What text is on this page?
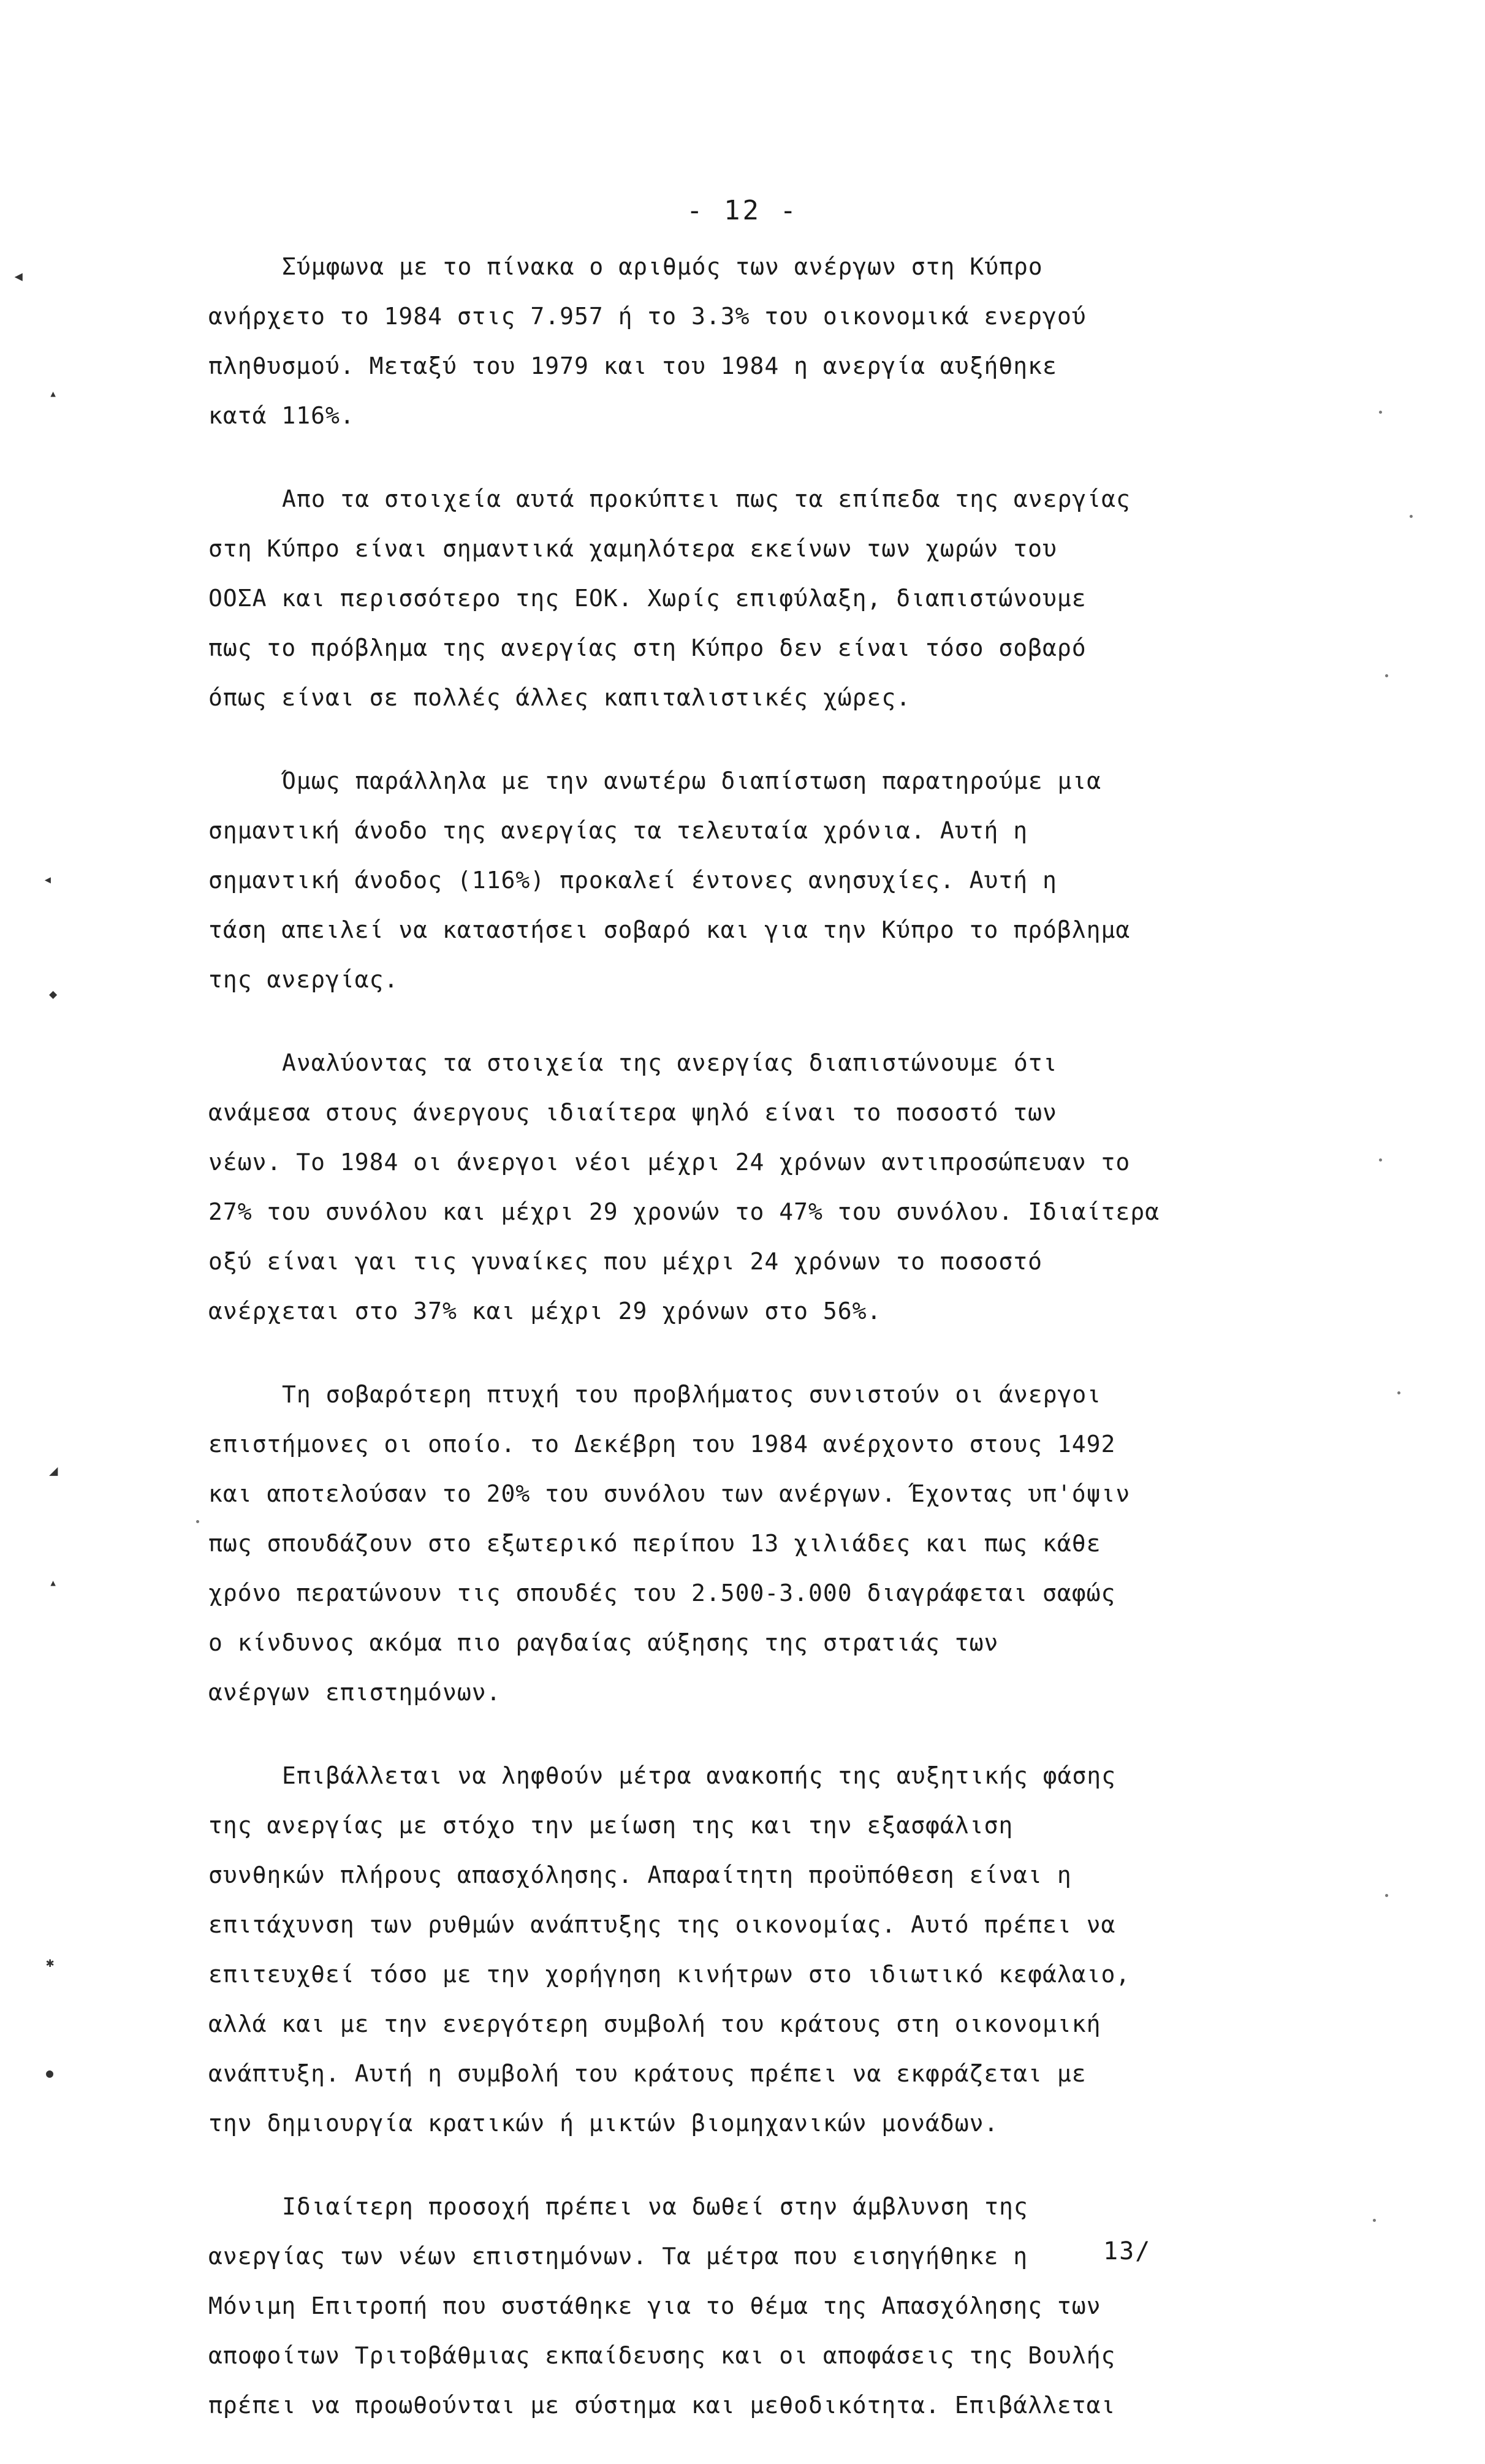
- 12 -
Σύμφωνα με το πίνακα ο αριθμός των ανέργων στη Κύπρο
ανήρχετο το 1984 στις 7.957 ή το 3.3% του οικονομικά ενεργού
πληθυσμού. Μεταξύ του 1979 και του 1984 η ανεργία αυξήθηκε
κατά 116%.
Απο τα στοιχεία αυτά προκύπτει πως τα επίπεδα της ανεργίας
στη Κύπρο είναι σημαντικά χαμηλότερα εκείνων των χωρών του
ΟΟΣΑ και περισσότερο της ΕΟΚ. Χωρίς επιφύλαξη, διαπιστώνουμε
πως το πρόβλημα της ανεργίας στη Κύπρο δεν είναι τόσο σοβαρό
όπως είναι σε πολλές άλλες καπιταλιστικές χώρες.
Όμως παράλληλα με την ανωτέρω διαπίστωση παρατηρούμε μια
σημαντική άνοδο της ανεργίας τα τελευταία χρόνια. Αυτή η
σημαντική άνοδος (116%) προκαλεί έντονες ανησυχίες. Αυτή η
τάση απειλεί να καταστήσει σοβαρό και για την Κύπρο το πρόβλημα
της ανεργίας.
Αναλύοντας τα στοιχεία της ανεργίας διαπιστώνουμε ότι
ανάμεσα στους άνεργους ιδιαίτερα ψηλό είναι το ποσοστό των
νέων. Το 1984 οι άνεργοι νέοι μέχρι 24 χρόνων αντιπροσώπευαν το
27% του συνόλου και μέχρι 29 χρονών το 47% του συνόλου. Ιδιαίτερα
οξύ είναι γαι τις γυναίκες που μέχρι 24 χρόνων το ποσοστό
ανέρχεται στο 37% και μέχρι 29 χρόνων στο 56%.
Τη σοβαρότερη πτυχή του προβλήματος συνιστούν οι άνεργοι
επιστήμονες οι οποίο. το Δεκέβρη του 1984 ανέρχοντο στους 1492
και αποτελούσαν το 20% του συνόλου των ανέργων. Έχοντας υπ'όψιν
πως σπουδάζουν στο εξωτερικό περίπου 13 χιλιάδες και πως κάθε
χρόνο περατώνουν τις σπουδές του 2.500-3.000 διαγράφεται σαφώς
ο κίνδυνος ακόμα πιο ραγδαίας αύξησης της στρατιάς των
ανέργων επιστημόνων.
Επιβάλλεται να ληφθούν μέτρα ανακοπής της αυξητικής φάσης
της ανεργίας με στόχο την μείωση της και την εξασφάλιση
συνθηκών πλήρους απασχόλησης. Απαραίτητη προϋπόθεση είναι η
επιτάχυνση των ρυθμών ανάπτυξης της οικονομίας. Αυτό πρέπει να
επιτευχθεί τόσο με την χορήγηση κινήτρων στο ιδιωτικό κεφάλαιο,
αλλά και με την ενεργότερη συμβολή του κράτους στη οικονομική
ανάπτυξη. Αυτή η συμβολή του κράτους πρέπει να εκφράζεται με
την δημιουργία κρατικών ή μικτών βιομηχανικών μονάδων.
Ιδιαίτερη προσοχή πρέπει να δωθεί στην άμβλυνση της
ανεργίας των νέων επιστημόνων. Τα μέτρα που εισηγήθηκε η
Μόνιμη Επιτροπή που συστάθηκε για το θέμα της Απασχόλησης των
αποφοίτων Τριτοβάθμιας εκπαίδευσης και οι αποφάσεις της Βουλής
πρέπει να προωθούνται με σύστημα και μεθοδικότητα. Επιβάλλεται
13/
◂
▴
◂
◆
◢
▴
✱
●
